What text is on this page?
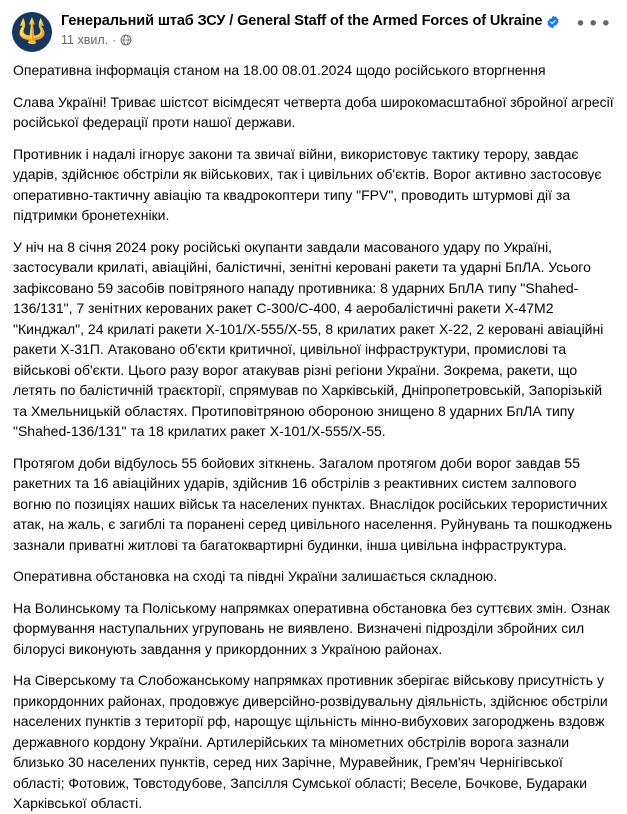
🔱 Генеральний штаб ЗСУ / General Staff of the Armed Forces of Ukraine
11 хвил. ·
•••

Оперативна інформація станом на 18.00 08.01.2024 щодо російського вторгнення

Слава Україні! Триває шістсот вісімдесят четверта доба широкомасштабної збройної агресії російської федерації проти нашої держави.

Противник і надалі ігнорує закони та звичаї війни, використовує тактику терору, завдає ударів, здійснює обстріли як військових, так і цивільних об'єктів. Ворог активно застосовує оперативно-тактичну авіацію та квадрокоптери типу "FPV", проводить штурмові дії за підтримки бронетехніки.

У ніч на 8 січня 2024 року російські окупанти завдали масованого удару по Україні, застосували крилаті, авіаційні, балістичні, зенітні керовані ракети та ударні БпЛА. Усього зафіксовано 59 засобів повітряного нападу противника: 8 ударних БпЛА типу "Shahed-136/131", 7 зенітних керованих ракет С-300/С-400, 4 аеробалістичні ракети Х-47М2 "Кинджал", 24 крилаті ракети Х-101/Х-555/Х-55, 8 крилатих ракет Х-22, 2 керовані авіаційні ракети Х-31П. Атаковано об'єкти критичної, цивільної інфраструктури, промислові та військові об'єкти. Цього разу ворог атакував різні регіони України. Зокрема, ракети, що летять по балістичній траєкторії, спрямував по Харківській, Дніпропетровській, Запорізькій та Хмельницькій областях. Протиповітряною обороною знищено 8 ударних БпЛА типу "Shahed-136/131" та 18 крилатих ракет Х-101/Х-555/Х-55.

Протягом доби відбулось 55 бойових зіткнень. Загалом протягом доби ворог завдав 55 ракетних та 16 авіаційних ударів, здійснив 16 обстрілів з реактивних систем залпового вогню по позиціях наших військ та населених пунктах. Внаслідок російських терористичних атак, на жаль, є загиблі та поранені серед цивільного населення. Руйнувань та пошкоджень зазнали приватні житлові та багатоквартирні будинки, інша цивільна інфраструктура.

Оперативна обстановка на сході та півдні України залишається складною.

На Волинському та Поліському напрямках оперативна обстановка без суттєвих змін. Ознак формування наступальних угруповань не виявлено. Визначені підрозділи збройних сил білорусі виконують завдання у прикордонних з Україною районах.

На Сіверському та Слобожанському напрямках противник зберігає військову присутність у прикордонних районах, продовжує диверсійно-розвідувальну діяльність, здійснює обстріли населених пунктів з території рф, нарощує щільність мінно-вибухових загороджень вздовж державного кордону України. Артилерійських та мінометних обстрілів ворога зазнали близько 30 населених пунктів, серед них Зарічне, Муравейник, Грем'яч Чернігівської області; Фотовиж, Товстодубове, Запсілля Сумської області; Веселе, Бочкове, Будараки Харківської області.
